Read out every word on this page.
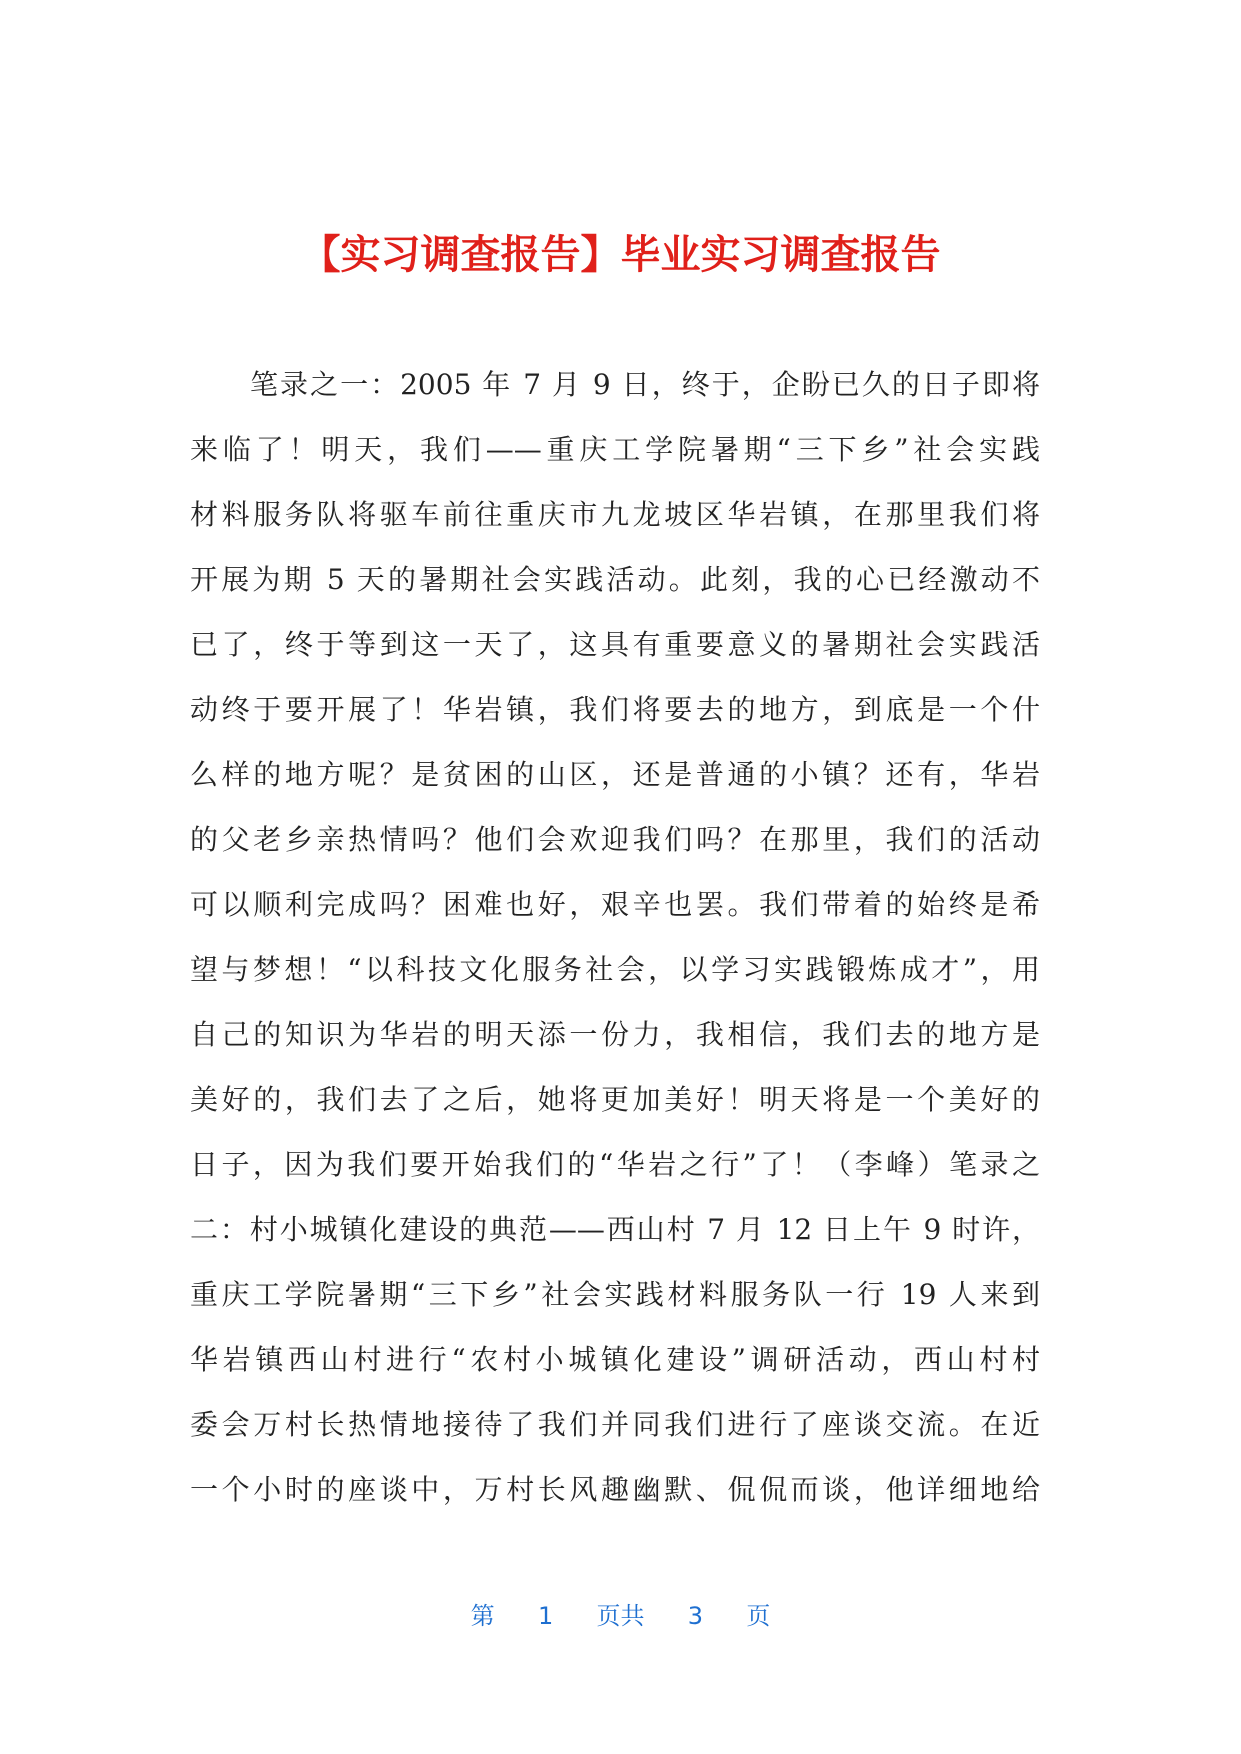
【实习调查报告】毕业实习调查报告
笔录之一：2005 年 7 月 9 日，终于，企盼已久的日子即将
来临了！明天，我们——重庆工学院暑期“三下乡”社会实践
材料服务队将驱车前往重庆市九龙坡区华岩镇，在那里我们将
开展为期 5 天的暑期社会实践活动。此刻，我的心已经激动不
已了，终于等到这一天了，这具有重要意义的暑期社会实践活
动终于要开展了！华岩镇，我们将要去的地方，到底是一个什
么样的地方呢？是贫困的山区，还是普通的小镇？还有，华岩
的父老乡亲热情吗？他们会欢迎我们吗？在那里，我们的活动
可以顺利完成吗？困难也好，艰辛也罢。我们带着的始终是希
望与梦想！“以科技文化服务社会，以学习实践锻炼成才”，用
自己的知识为华岩的明天添一份力，我相信，我们去的地方是
美好的，我们去了之后，她将更加美好！明天将是一个美好的
日子，因为我们要开始我们的“华岩之行”了！（李峰）笔录之
二：村小城镇化建设的典范——西山村 7 月 12 日上午 9 时许，
重庆工学院暑期“三下乡”社会实践材料服务队一行 19 人来到
华岩镇西山村进行“农村小城镇化建设”调研活动，西山村村
委会万村长热情地接待了我们并同我们进行了座谈交流。在近
一个小时的座谈中，万村长风趣幽默、侃侃而谈，他详细地给
第 1 页共 3 页
